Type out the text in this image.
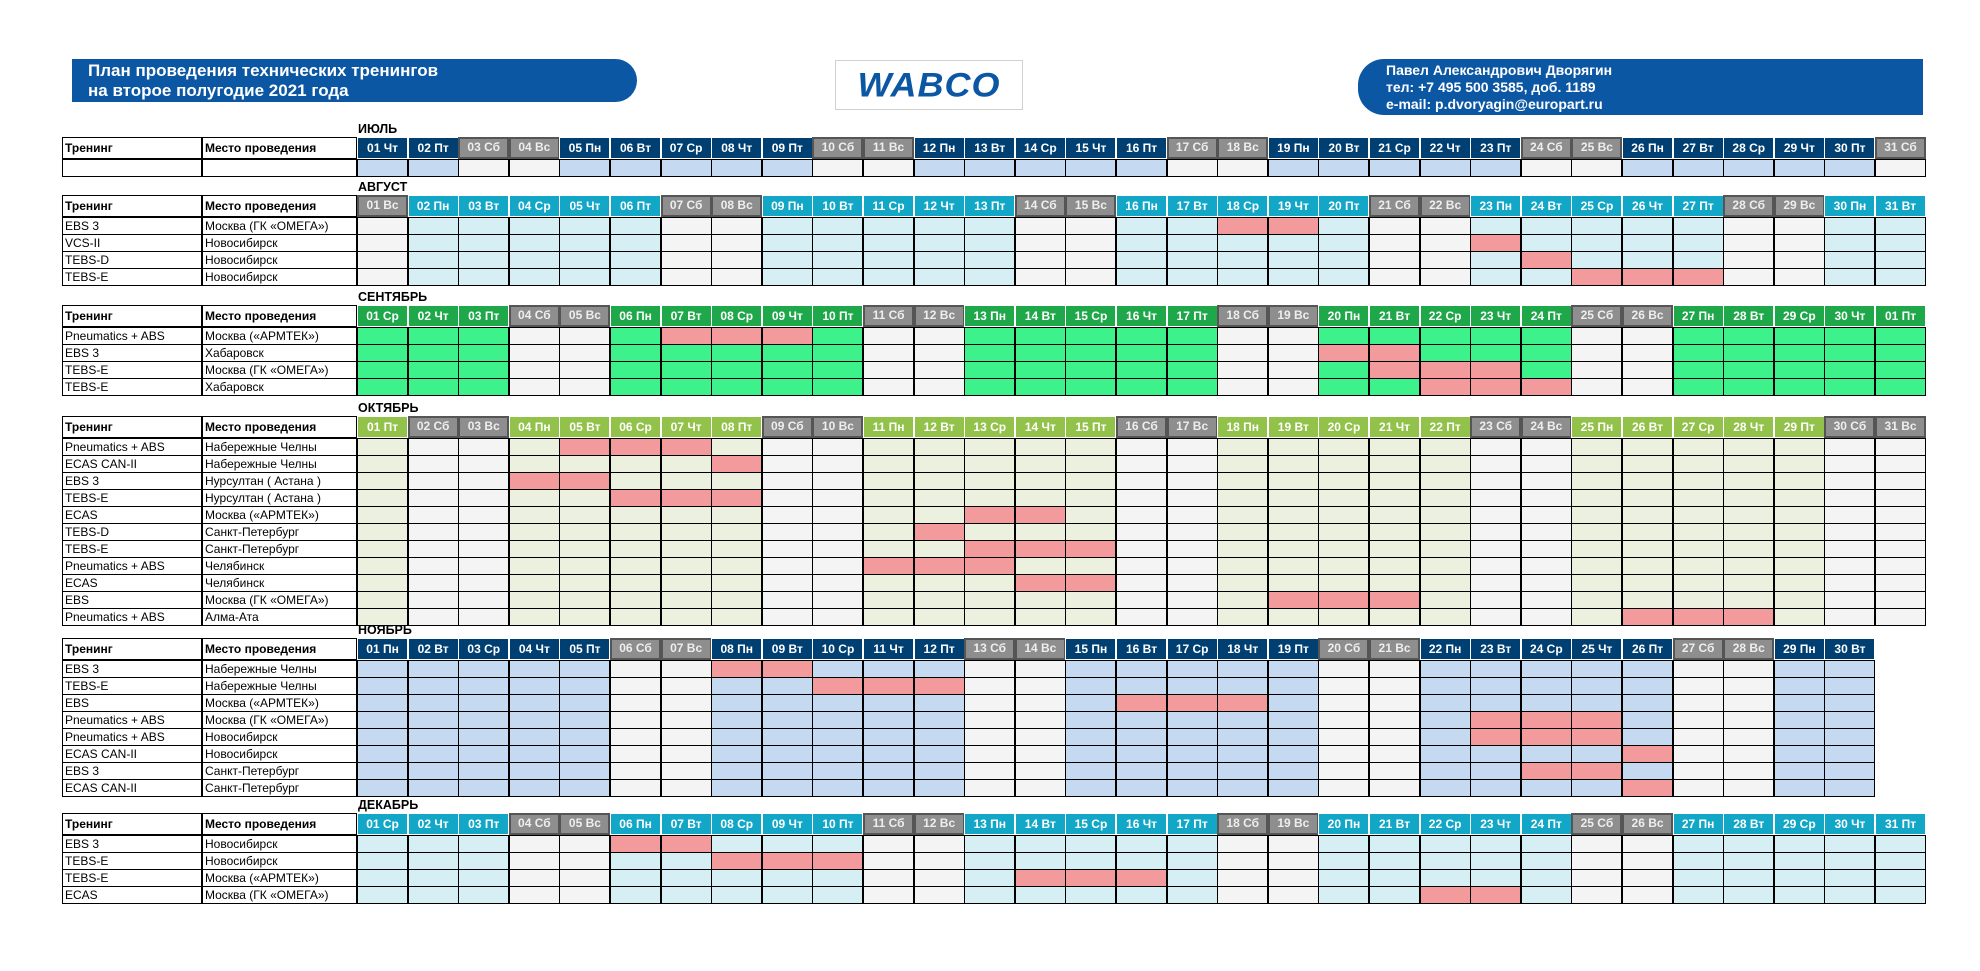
План проведения технических тренингов
на второе полугодие 2021 года	WABCO	Павел Александрович Дворягин
тел: +7 495 500 3585, доб. 1189
e-mail: p.dvoryagin@europart.ru
ИЮЛЬ
Тренинг	Место проведения	01 Чт	02 Пт	03 Сб	04 Вс	05 Пн	06 Вт	07 Ср	08 Чт	09 Пт	10 Сб	11 Вс	12 Пн	13 Вт	14 Ср	15 Чт	16 Пт	17 Сб	18 Вс	19 Пн	20 Вт	21 Ср	22 Чт	23 Пт	24 Сб	25 Вс	26 Пн	27 Вт	28 Ср	29 Чт	30 Пт	31 Сб
АВГУСТ
Тренинг	Место проведения	01 Вс	02 Пн	03 Вт	04 Ср	05 Чт	06 Пт	07 Сб	08 Вс	09 Пн	10 Вт	11 Ср	12 Чт	13 Пт	14 Сб	15 Вс	16 Пн	17 Вт	18 Ср	19 Чт	20 Пт	21 Сб	22 Вс	23 Пн	24 Вт	25 Ср	26 Чт	27 Пт	28 Сб	29 Вс	30 Пн	31 Вт
EBS 3	Москва (ГК «ОМЕГА»)
VCS-II	Новосибирск
TEBS-D	Новосибирск
TEBS-E	Новосибирск
СЕНТЯБРЬ
Тренинг	Место проведения	01 Ср	02 Чт	03 Пт	04 Сб	05 Вс	06 Пн	07 Вт	08 Ср	09 Чт	10 Пт	11 Сб	12 Вс	13 Пн	14 Вт	15 Ср	16 Чт	17 Пт	18 Сб	19 Вс	20 Пн	21 Вт	22 Ср	23 Чт	24 Пт	25 Сб	26 Вс	27 Пн	28 Вт	29 Ср	30 Чт	01 Пт
Pneumatics + ABS	Москва («АРМТЕК»)
EBS 3	Хабаровск
TEBS-E	Москва (ГК «ОМЕГА»)
TEBS-E	Хабаровск
ОКТЯБРЬ
Тренинг	Место проведения	01 Пт	02 Сб	03 Вс	04 Пн	05 Вт	06 Ср	07 Чт	08 Пт	09 Сб	10 Вс	11 Пн	12 Вт	13 Ср	14 Чт	15 Пт	16 Сб	17 Вс	18 Пн	19 Вт	20 Ср	21 Чт	22 Пт	23 Сб	24 Вс	25 Пн	26 Вт	27 Ср	28 Чт	29 Пт	30 Сб	31 Вс
Pneumatics + ABS	Набережные Челны
ECAS CAN-II	Набережные Челны
EBS 3	Нурсултан ( Астана )
TEBS-E	Нурсултан ( Астана )
ECAS	Москва («АРМТЕК»)
TEBS-D	Санкт-Петербург
TEBS-E	Санкт-Петербург
Pneumatics + ABS	Челябинск
ECAS	Челябинск
EBS	Москва (ГК «ОМЕГА»)
Pneumatics + ABS	Алма-Ата
НОЯБРЬ
Тренинг	Место проведения	01 Пн	02 Вт	03 Ср	04 Чт	05 Пт	06 Сб	07 Вс	08 Пн	09 Вт	10 Ср	11 Чт	12 Пт	13 Сб	14 Вс	15 Пн	16 Вт	17 Ср	18 Чт	19 Пт	20 Сб	21 Вс	22 Пн	23 Вт	24 Ср	25 Чт	26 Пт	27 Сб	28 Вс	29 Пн	30 Вт
EBS 3	Набережные Челны
TEBS-E	Набережные Челны
EBS	Москва («АРМТЕК»)
Pneumatics + ABS	Москва (ГК «ОМЕГА»)
Pneumatics + ABS	Новосибирск
ECAS CAN-II	Новосибирск
EBS 3	Санкт-Петербург
ECAS CAN-II	Санкт-Петербург
ДЕКАБРЬ
Тренинг	Место проведения	01 Ср	02 Чт	03 Пт	04 Сб	05 Вс	06 Пн	07 Вт	08 Ср	09 Чт	10 Пт	11 Сб	12 Вс	13 Пн	14 Вт	15 Ср	16 Чт	17 Пт	18 Сб	19 Вс	20 Пн	21 Вт	22 Ср	23 Чт	24 Пт	25 Сб	26 Вс	27 Пн	28 Вт	29 Ср	30 Чт	31 Пт
EBS 3	Новосибирск
TEBS-E	Новосибирск
TEBS-E	Москва («АРМТЕК»)
ECAS	Москва (ГК «ОМЕГА»)
